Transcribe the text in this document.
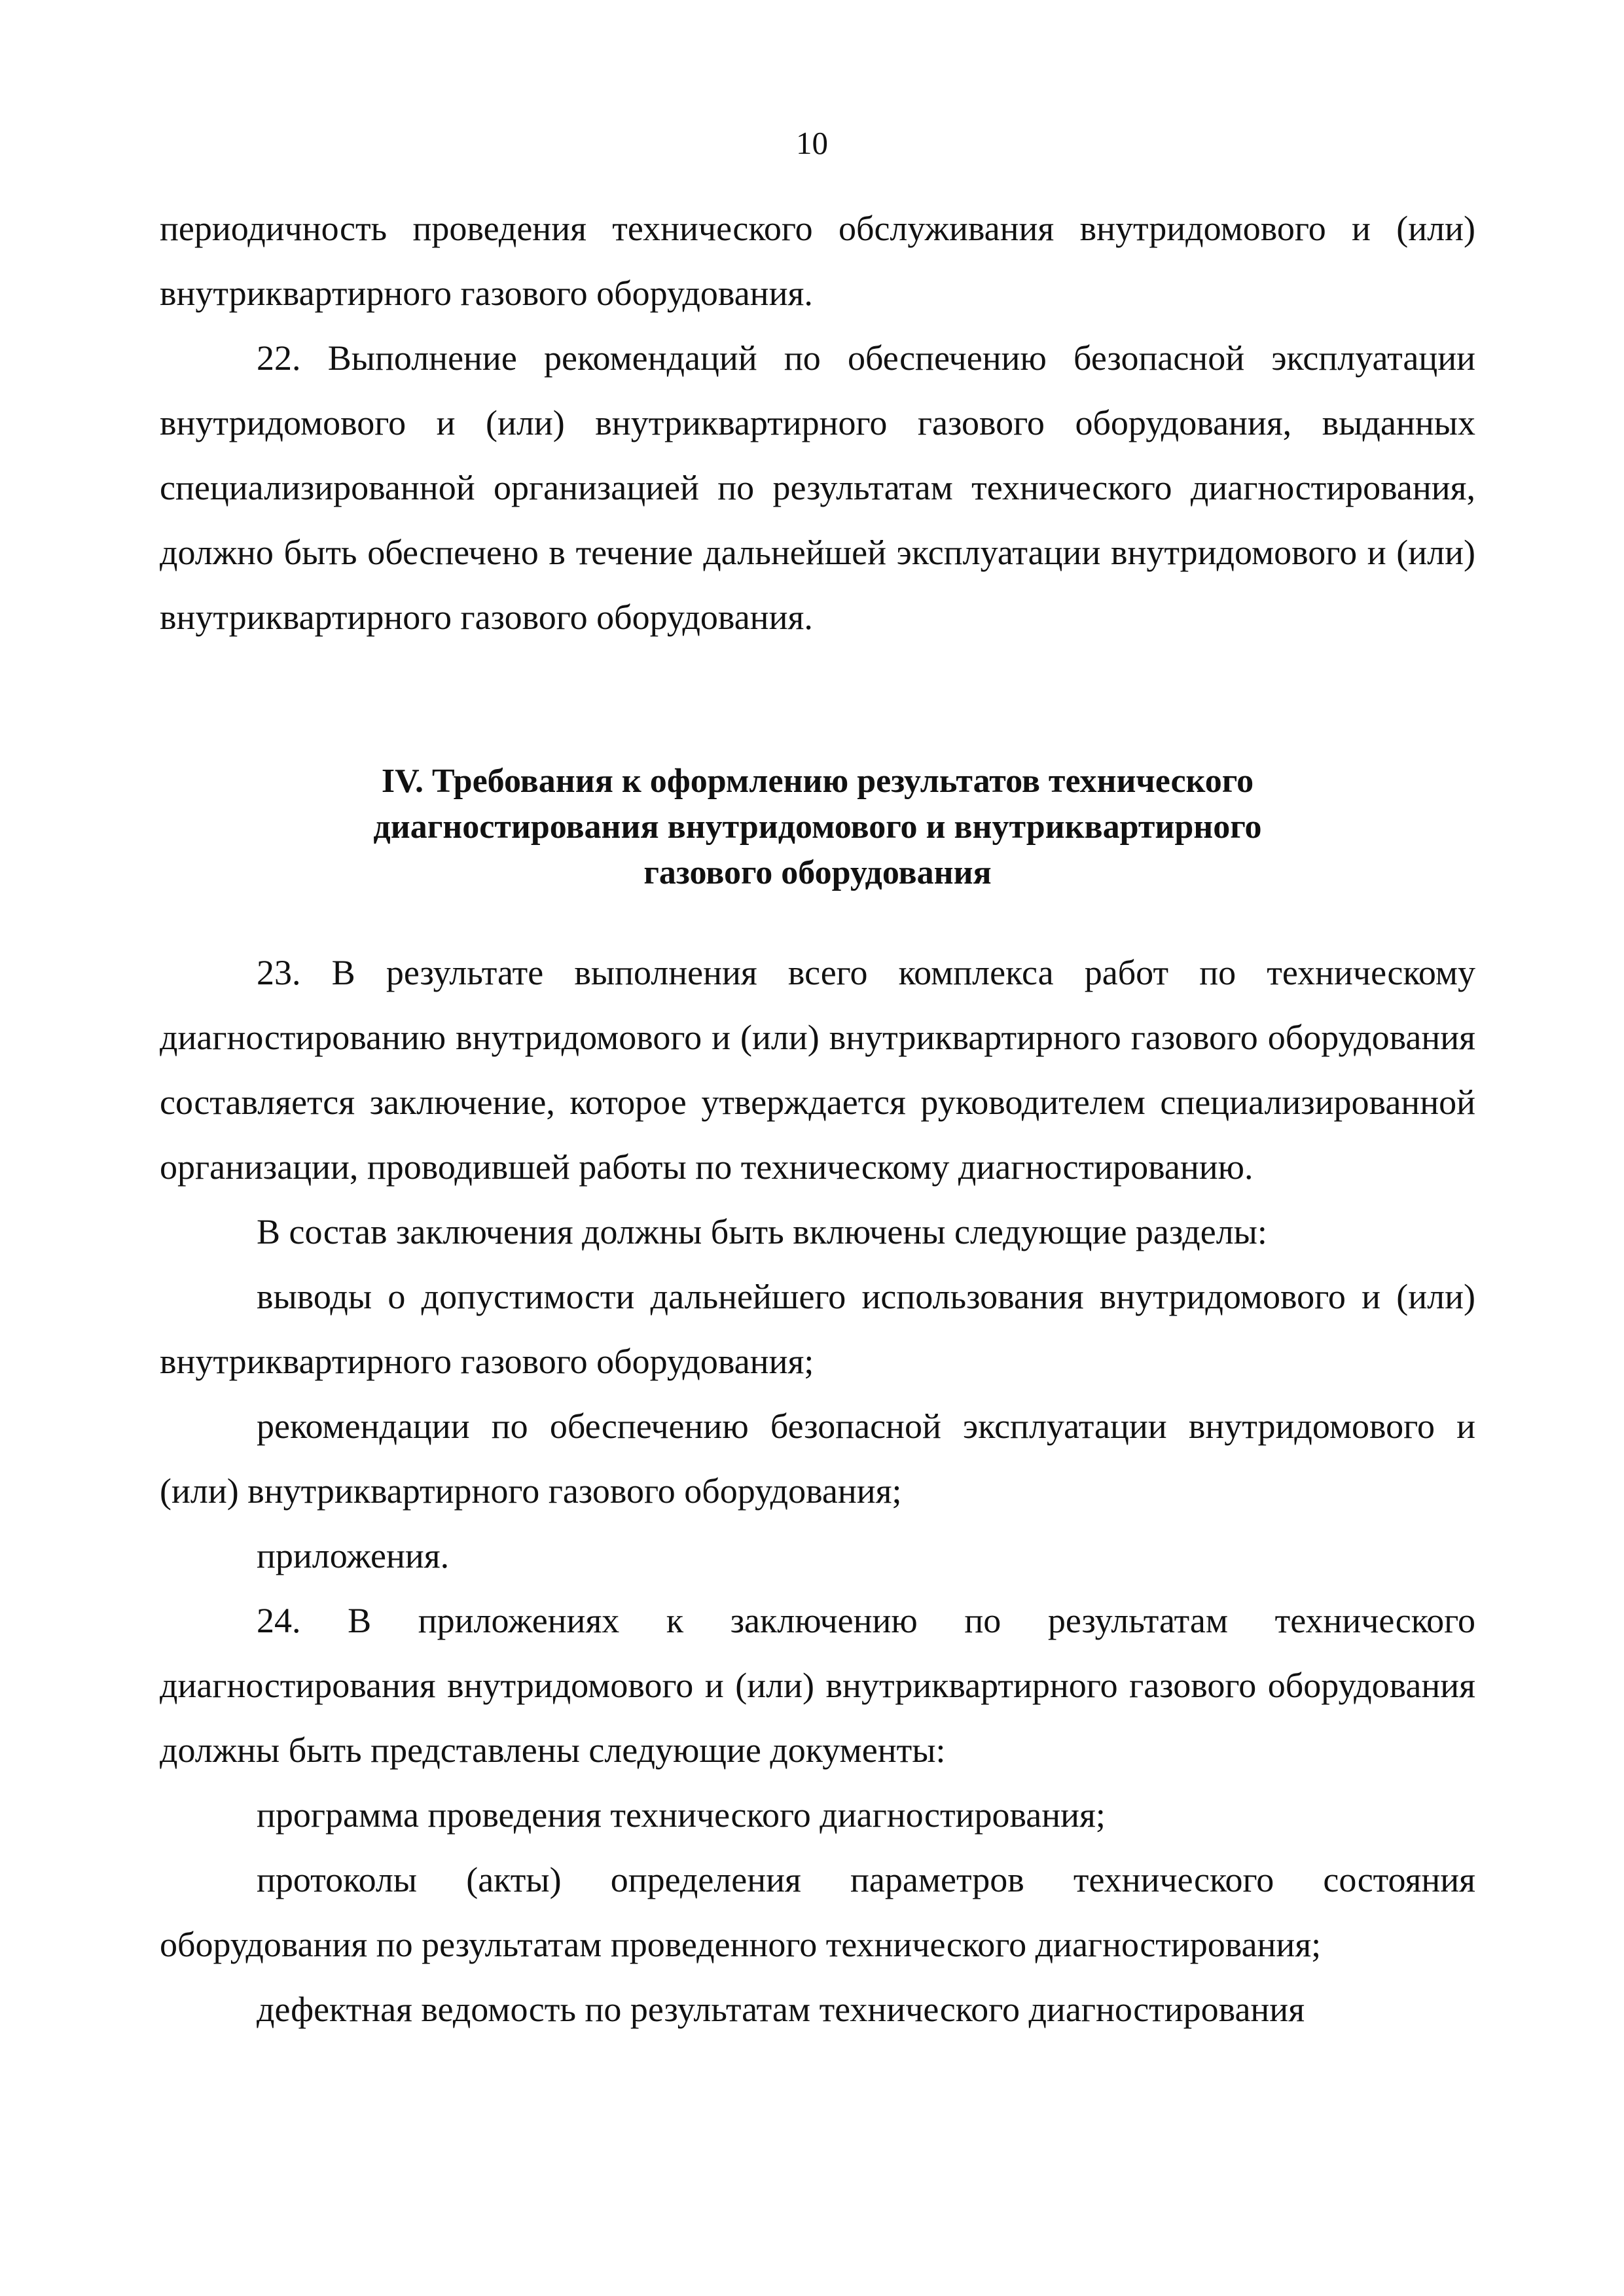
10

периодичность проведения технического обслуживания внутридомового и (или) внутриквартирного газового оборудования.

22. Выполнение рекомендаций по обеспечению безопасной эксплуатации внутридомового и (или) внутриквартирного газового оборудования, выданных специализированной организацией по результатам технического диагностирования, должно быть обеспечено в течение дальнейшей эксплуатации внутридомового и (или) внутриквартирного газового оборудования.

IV. Требования к оформлению результатов технического
диагностирования внутридомового и внутриквартирного
газового оборудования

23. В результате выполнения всего комплекса работ по техническому диагностированию внутридомового и (или) внутриквартирного газового оборудования составляется заключение, которое утверждается руководителем специализированной организации, проводившей работы по техническому диагностированию.

В состав заключения должны быть включены следующие разделы:

выводы о допустимости дальнейшего использования внутридомового и (или) внутриквартирного газового оборудования;

рекомендации по обеспечению безопасной эксплуатации внутридомового и (или) внутриквартирного газового оборудования;

приложения.

24. В приложениях к заключению по результатам технического диагностирования внутридомового и (или) внутриквартирного газового оборудования должны быть представлены следующие документы:

программа проведения технического диагностирования;

протоколы (акты) определения параметров технического состояния оборудования по результатам проведенного технического диагностирования;

дефектная ведомость по результатам технического диагностирования
